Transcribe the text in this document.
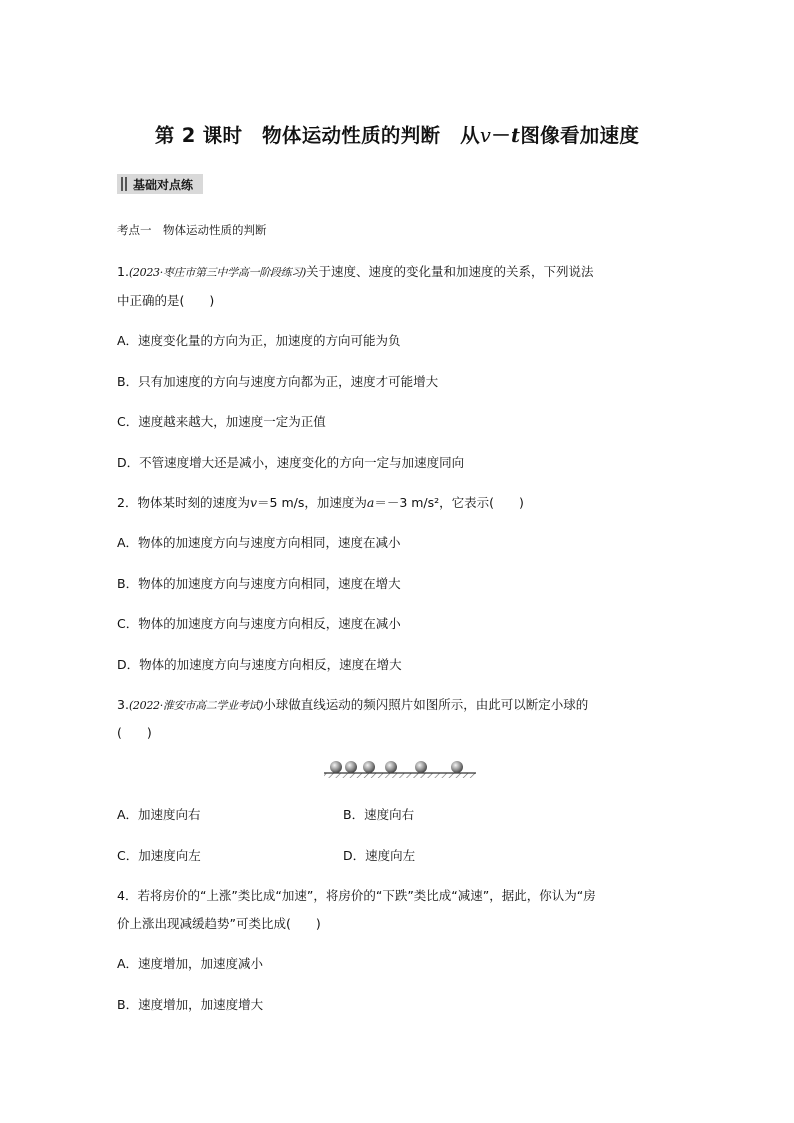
第 2 课时　物体运动性质的判断　从v－t图像看加速度
基础对点练
考点一　物体运动性质的判断
1.(2023·枣庄市第三中学高一阶段练习)关于速度、速度的变化量和加速度的关系，下列说法
中正确的是(　　)
A．速度变化量的方向为正，加速度的方向可能为负
B．只有加速度的方向与速度方向都为正，速度才可能增大
C．速度越来越大，加速度一定为正值
D．不管速度增大还是减小，速度变化的方向一定与加速度同向
2．物体某时刻的速度为v＝5 m/s，加速度为a＝－3 m/s²，它表示(　　)
A．物体的加速度方向与速度方向相同，速度在减小
B．物体的加速度方向与速度方向相同，速度在增大
C．物体的加速度方向与速度方向相反，速度在减小
D．物体的加速度方向与速度方向相反，速度在增大
3.(2022·淮安市高二学业考试)小球做直线运动的频闪照片如图所示，由此可以断定小球的
(　　)
A．加速度向右	B．速度向右
C．加速度向左	D．速度向左
4．若将房价的“上涨”类比成“加速”，将房价的“下跌”类比成“减速”，据此，你认为“房
价上涨出现减缓趋势”可类比成(　　)
A．速度增加，加速度减小
B．速度增加，加速度增大
